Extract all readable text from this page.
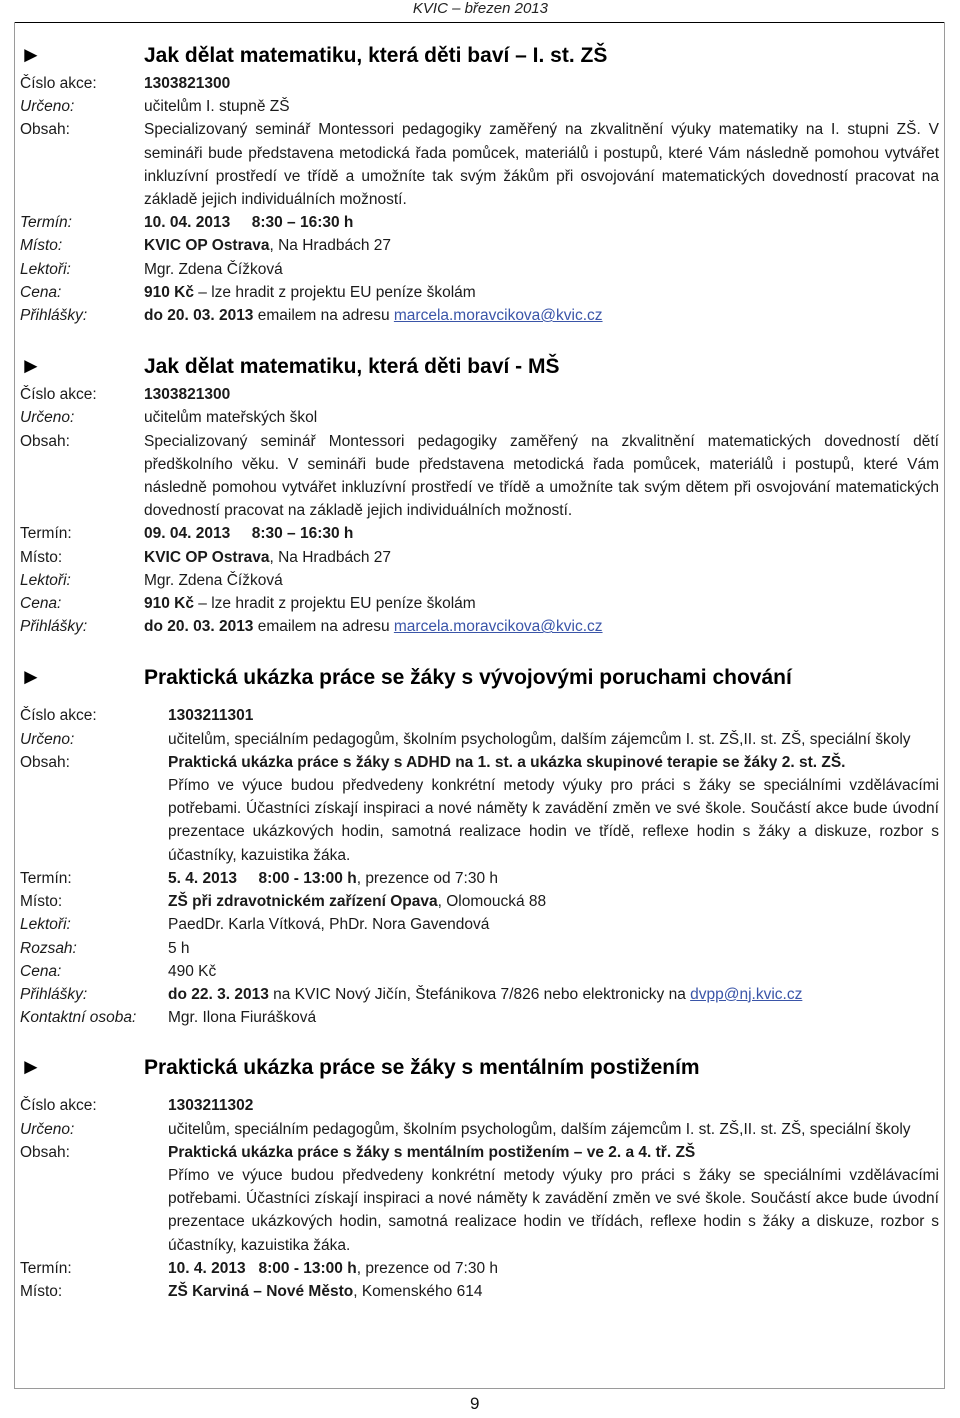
KVIC – březen 2013
►	Jak dělat matematiku, která děti baví – I. st. ZŠ
Číslo akce:	1303821300
Určeno:	učitelům I. stupně ZŠ
Obsah:	Specializovaný seminář Montessori pedagogiky zaměřený na zkvalitnění výuky matematiky na I. stupni ZŠ. V semináři bude představena metodická řada pomůcek, materiálů i postupů, které Vám následně pomohou vytvářet inkluzívní prostředí ve třídě a umožníte tak svým žákům při osvojování matematických dovedností pracovat na základě jejich individuálních možností.
Termín:	10. 04. 2013     8:30 – 16:30 h
Místo:	KVIC OP Ostrava, Na Hradbách 27
Lektoři:	Mgr. Zdena Čížková
Cena:	910 Kč – lze hradit z projektu EU peníze školám
Přihlášky:	do 20. 03. 2013 emailem na adresu marcela.moravcikova@kvic.cz
►	Jak dělat matematiku, která děti baví - MŠ
Číslo akce:	1303821300
Určeno:	učitelům mateřských škol
Obsah:	Specializovaný seminář Montessori pedagogiky zaměřený na zkvalitnění matematických dovedností dětí předškolního věku. V semináři bude představena metodická řada pomůcek, materiálů i postupů, které Vám následně pomohou vytvářet inkluzívní prostředí ve třídě a umožníte tak svým dětem při osvojování matematických dovedností pracovat na základě jejich individuálních možností.
Termín:	09. 04. 2013     8:30 – 16:30 h
Místo:	KVIC OP Ostrava, Na Hradbách 27
Lektoři:	Mgr. Zdena Čížková
Cena:	910 Kč – lze hradit z projektu EU peníze školám
Přihlášky:	do 20. 03. 2013 emailem na adresu marcela.moravcikova@kvic.cz
►	Praktická ukázka práce se žáky s vývojovými poruchami chování
Číslo akce:	1303211301
Určeno:	učitelům, speciálním pedagogům, školním psychologům, dalším zájemcům I. st. ZŠ,II. st. ZŠ, speciální školy
Obsah:	Praktická ukázka práce s žáky s ADHD na 1. st. a ukázka skupinové terapie se žáky 2. st. ZŠ.
Přímo ve výuce budou předvedeny konkrétní metody výuky pro práci s žáky se speciálními vzdělávacími potřebami. Účastníci získají inspiraci a nové náměty k zavádění změn ve své škole. Součástí akce bude úvodní prezentace ukázkových hodin, samotná realizace hodin ve třídě, reflexe hodin s žáky a diskuze, rozbor s účastníky, kazuistika žáka.
Termín:	5. 4. 2013     8:00 - 13:00 h, prezence od 7:30 h
Místo:	ZŠ při zdravotnickém zařízení Opava, Olomoucká 88
Lektoři:	PaedDr. Karla Vítková, PhDr. Nora Gavendová
Rozsah:	5 h
Cena:	490 Kč
Přihlášky:	do 22. 3. 2013 na KVIC Nový Jičín, Štefánikova 7/826 nebo elektronicky na dvpp@nj.kvic.cz
Kontaktní osoba:	Mgr. Ilona Fiurášková
►	Praktická ukázka práce se žáky s mentálním postižením
Číslo akce:	1303211302
Určeno:	učitelům, speciálním pedagogům, školním psychologům, dalším zájemcům I. st. ZŠ,II. st. ZŠ, speciální školy
Obsah:	Praktická ukázka práce s žáky s mentálním postižením – ve 2. a 4. tř. ZŠ
Přímo ve výuce budou předvedeny konkrétní metody výuky pro práci s žáky se speciálními vzdělávacími potřebami. Účastníci získají inspiraci a nové náměty k zavádění změn ve své škole. Součástí akce bude úvodní prezentace ukázkových hodin, samotná realizace hodin ve třídách, reflexe hodin s žáky a diskuze, rozbor s účastníky, kazuistika žáka.
Termín:	10. 4. 2013   8:00 - 13:00 h, prezence od 7:30 h
Místo:	ZŠ Karviná – Nové Město, Komenského 614
9
